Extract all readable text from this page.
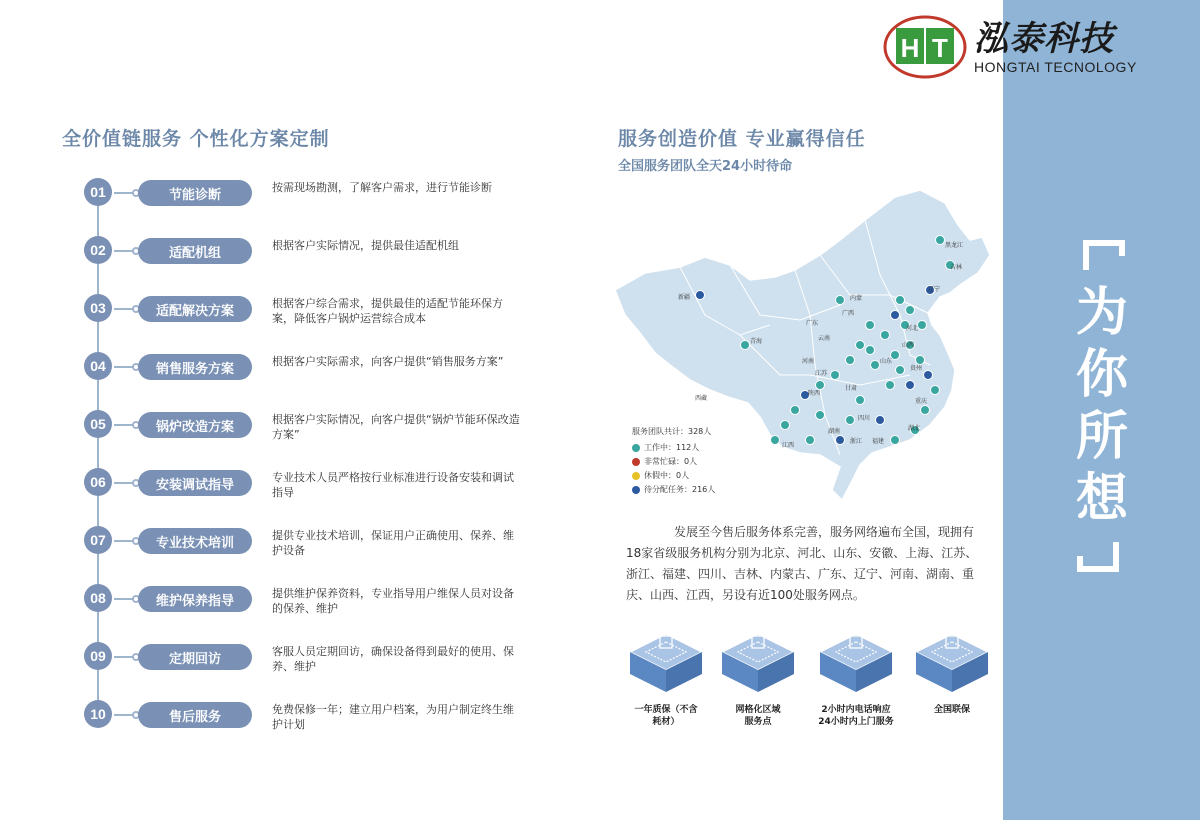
为
你
所
想
H T 泓泰科技
HONGTAI TECNOLOGY
全价值链服务 个性化方案定制
01	节能诊断	按需现场勘测，了解客户需求，进行节能诊断
02	适配机组	根据客户实际情况，提供最佳适配机组
03	适配解决方案	根据客户综合需求，提供最佳的适配节能环保方案，降低客户锅炉运营综合成本
04	销售服务方案	根据客户实际需求，向客户提供“销售服务方案”
05	锅炉改造方案	根据客户实际情况，向客户提供“锅炉节能环保改造方案”
06	安装调试指导	专业技术人员严格按行业标准进行设备安装和调试指导
07	专业技术培训	提供专业技术培训，保证用户正确使用、保养、维护设备
08	维护保养指导	提供维护保养资料，专业指导用户维保人员对设备的保养、维护
09	定期回访	客服人员定期回访，确保设备得到最好的使用、保养、维护
10	售后服务	免费保修一年；建立用户档案，为用户制定终生维护计划
服务创造价值 专业赢得信任
全国服务团队全天24小时待命
新疆
青海
西藏
内蒙
黑龙江
吉林
辽宁
河北
山东
河南
陕西
甘肃
四川
重庆
湖北
湖南
江西
浙江 福建
贵州
云南
广西
广东
江苏
山西
服务团队共计：328人
工作中：112人
非常忙碌：0人
休假中：0人
待分配任务：216人

发展至今售后服务体系完善，服务网络遍布全国，现拥有18家省级服务机构分别为北京、河北、山东、安徽、上海、江苏、浙江、福建、四川、吉林、内蒙古、广东、辽宁、河南、湖南、重庆、山西、江西，另设有近100处服务网点。

一年质保（不含
耗材）
网格化区域
服务点
2小时内电话响应
24小时内上门服务
全国联保
